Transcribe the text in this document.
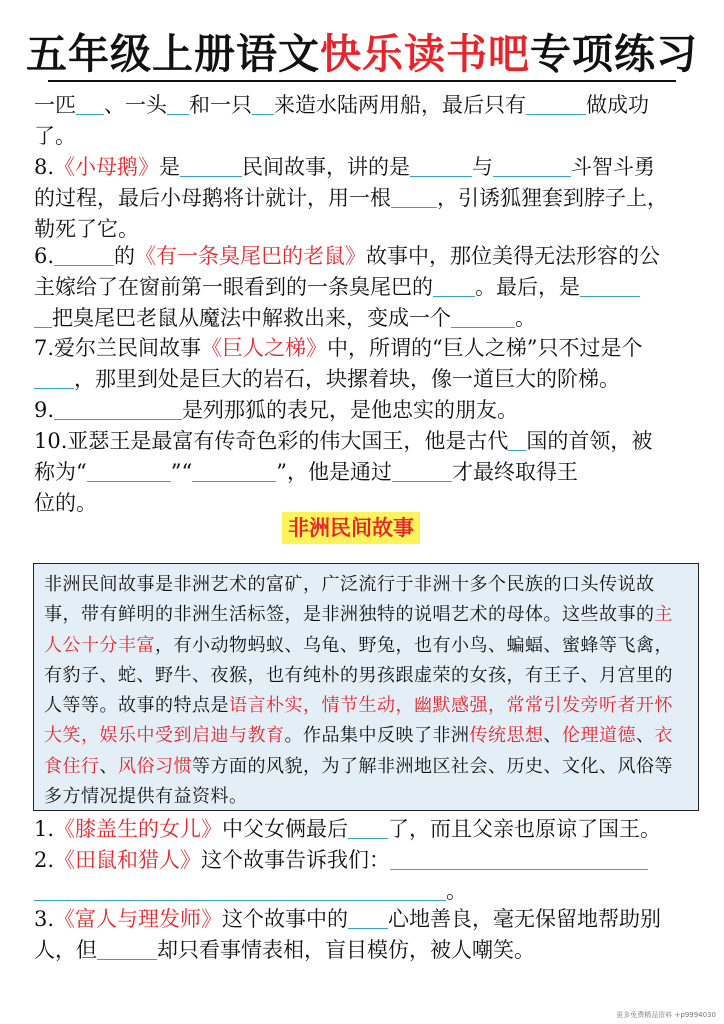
五年级上册语文快乐读书吧专项练习
一匹 、一头 和一只 来造水陆两用船，最后只有	做成功
了。
8.《小母鹅》是	民间故事，讲的是	与	斗智斗勇
的过程，最后小母鹅将计就计，用一根 ，引诱狐狸套到脖子上，
勒死了它。
6.	的《有一条臭尾巴的老鼠》故事中，那位美得无法形容的公
主嫁给了在窗前第一眼看到的一条臭尾巴的 。最后，是
把臭尾巴老鼠从魔法中解救出来，变成一个	。
7.爱尔兰民间故事《巨人之梯》中，所谓的“巨人之梯”只不过是个
，那里到处是巨大的岩石，块摞着块，像一道巨大的阶梯。
9.	是列那狐的表兄，是他忠实的朋友。
10.亚瑟王是最富有传奇色彩的伟大国王，他是古代 国的首领，被
称为“	”“	”，他是通过	才最终取得王
位的。
非洲民间故事
非洲民间故事是非洲艺术的富矿，广泛流行于非洲十多个民族的口头传说故事，带有鲜明的非洲生活标签，是非洲独特的说唱艺术的母体。这些故事的主人公十分丰富，有小动物蚂蚁、乌龟、野兔，也有小鸟、蝙蝠、蜜蜂等飞禽，有豹子、蛇、野牛、夜猴，也有纯朴的男孩跟虚荣的女孩，有王子、月宫里的人等等。故事的特点是语言朴实，情节生动，幽默感强，常常引发旁听者开怀大笑，娱乐中受到启迪与教育。作品集中反映了非洲传统思想、伦理道德、衣食住行、风俗习惯等方面的风貌，为了解非洲地区社会、历史、文化、风俗等多方情况提供有益资料。
1.《膝盖生的女儿》中父女俩最后 了，而且父亲也原谅了国王。
2.《田鼠和猎人》这个故事告诉我们：
。
3.《富人与理发师》这个故事中的 心地善良，毫无保留地帮助别
人，但	却只看事情表相，盲目模仿，被人嘲笑。
更多免费精品资料 +p9994030
